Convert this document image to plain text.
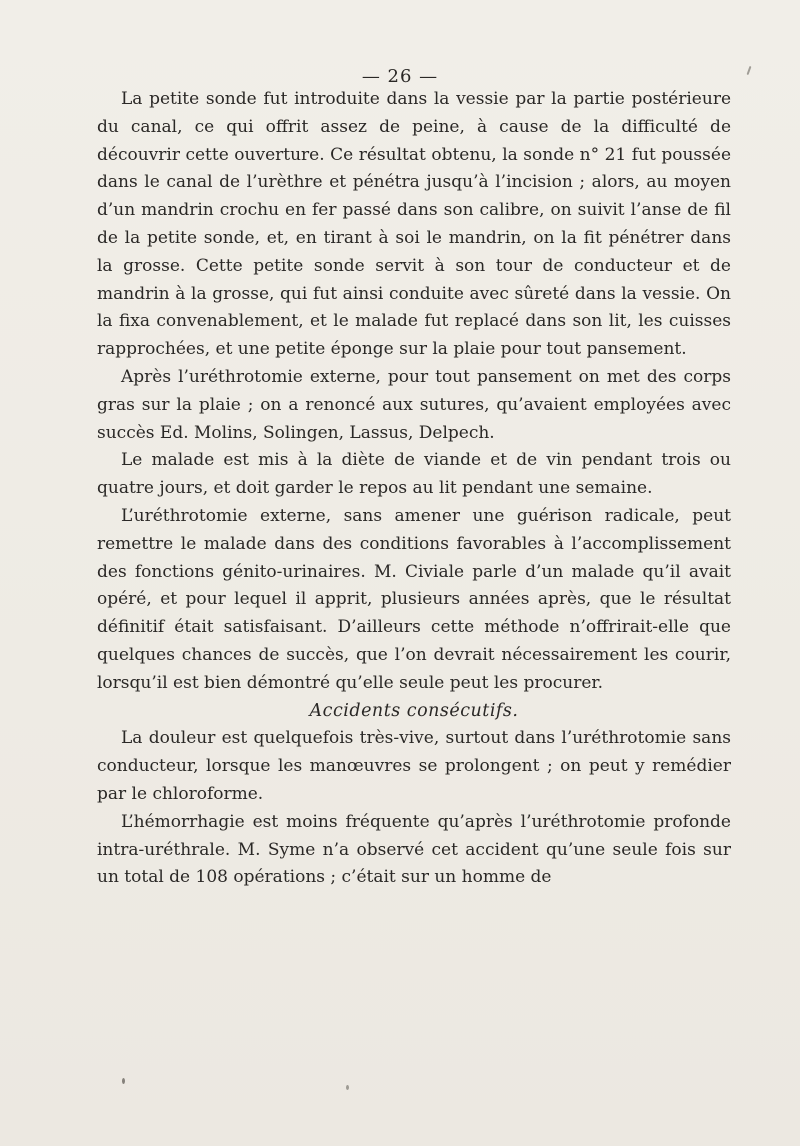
— 26 —

La petite sonde fut introduite dans la vessie par la partie postérieure du canal, ce qui offrit assez de peine, à cause de la difficulté de découvrir cette ouverture. Ce résultat obtenu, la sonde n° 21 fut poussée dans le canal de l’urèthre et pénétra jusqu’à l’incision ; alors, au moyen d’un mandrin crochu en fer passé dans son calibre, on suivit l’anse de fil de la petite sonde, et, en tirant à soi le mandrin, on la fit pénétrer dans la grosse. Cette petite sonde servit à son tour de conducteur et de mandrin à la grosse, qui fut ainsi conduite avec sûreté dans la vessie. On la fixa convenablement, et le malade fut replacé dans son lit, les cuisses rapprochées, et une petite éponge sur la plaie pour tout pansement.

Après l’uréthrotomie externe, pour tout pansement on met des corps gras sur la plaie ; on a renoncé aux sutures, qu’avaient employées avec succès Ed. Molins, Solingen, Lassus, Delpech.

Le malade est mis à la diète de viande et de vin pendant trois ou quatre jours, et doit garder le repos au lit pendant une semaine.

L’uréthrotomie externe, sans amener une guérison radicale, peut remettre le malade dans des conditions favorables à l’accomplissement des fonctions génito-urinaires. M. Civiale parle d’un malade qu’il avait opéré, et pour lequel il apprit, plusieurs années après, que le résultat définitif était satisfaisant. D’ailleurs cette méthode n’offrirait-elle que quelques chances de succès, que l’on devrait nécessairement les courir, lorsqu’il est bien démontré qu’elle seule peut les procurer.

Accidents consécutifs.

La douleur est quelquefois très-vive, surtout dans l’uréthrotomie sans conducteur, lorsque les manœuvres se prolongent ; on peut y remédier par le chloroforme.

L’hémorrhagie est moins fréquente qu’après l’uréthrotomie profonde intra-uréthrale. M. Syme n’a observé cet accident qu’une seule fois sur un total de 108 opérations ; c’était sur un homme de
